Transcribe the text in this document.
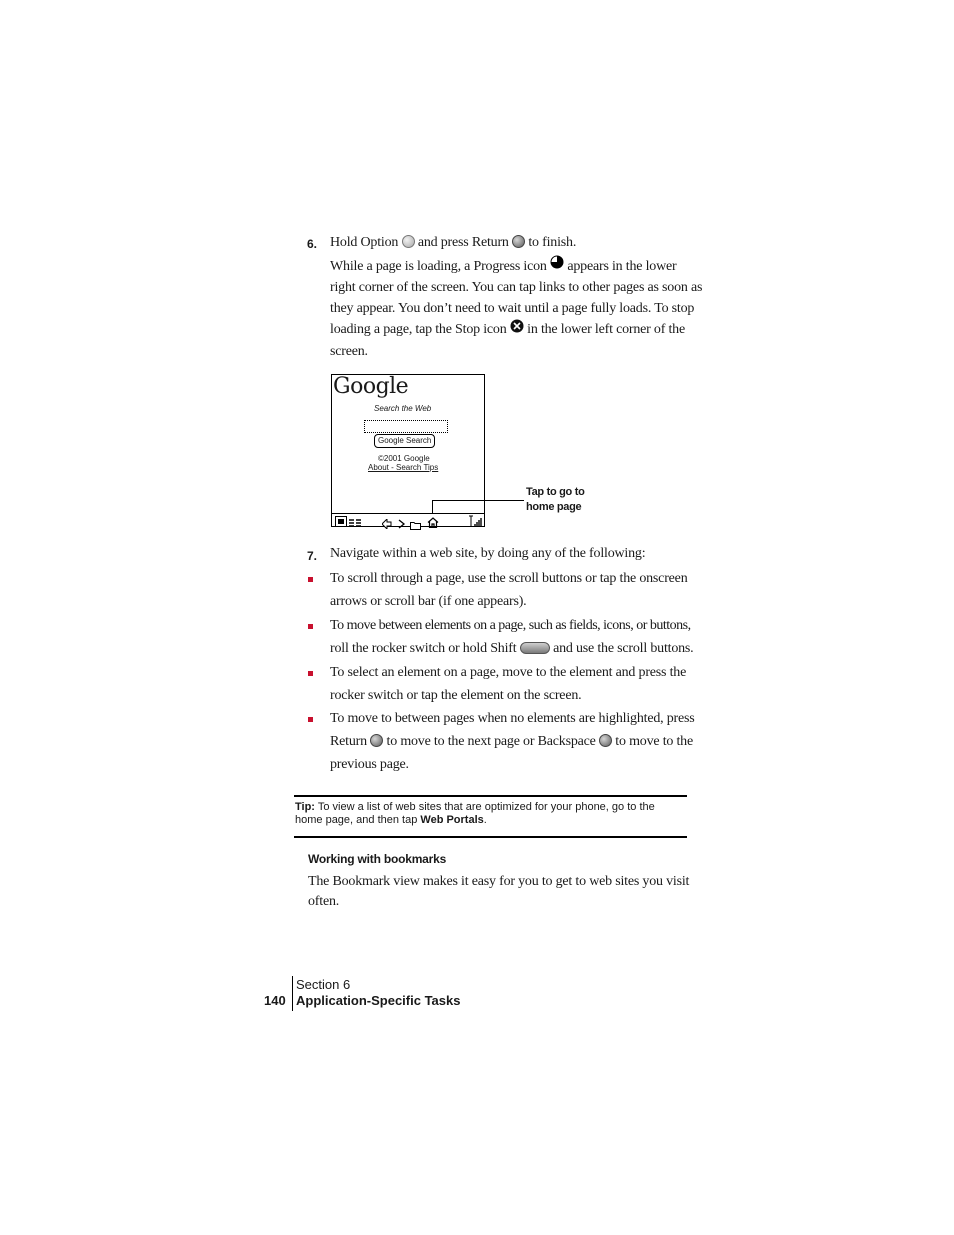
6. Hold Option and press Return to finish.
While a page is loading, a Progress icon appears in the lower
right corner of the screen. You can tap links to other pages as soon as
they appear. You don’t need to wait until a page fully loads. To stop
loading a page, tap the Stop icon in the lower left corner of the
screen.
Google
Search the Web
Google Search
©2001 Google
About - Search Tips
Tap to go to
home page
7. Navigate within a web site, by doing any of the following:
To scroll through a page, use the scroll buttons or tap the onscreen
arrows or scroll bar (if one appears).
To move between elements on a page, such as fields, icons, or buttons,
roll the rocker switch or hold Shift	and use the scroll buttons.
To select an element on a page, move to the element and press the
rocker switch or tap the element on the screen.
To move to between pages when no elements are highlighted, press
Return to move to the next page or Backspace to move to the
previous page.
Tip: To view a list of web sites that are optimized for your phone, go to the
home page, and then tap Web Portals.
Working with bookmarks
The Bookmark view makes it easy for you to get to web sites you visit
often.
Section 6
140 Application-Specific Tasks
